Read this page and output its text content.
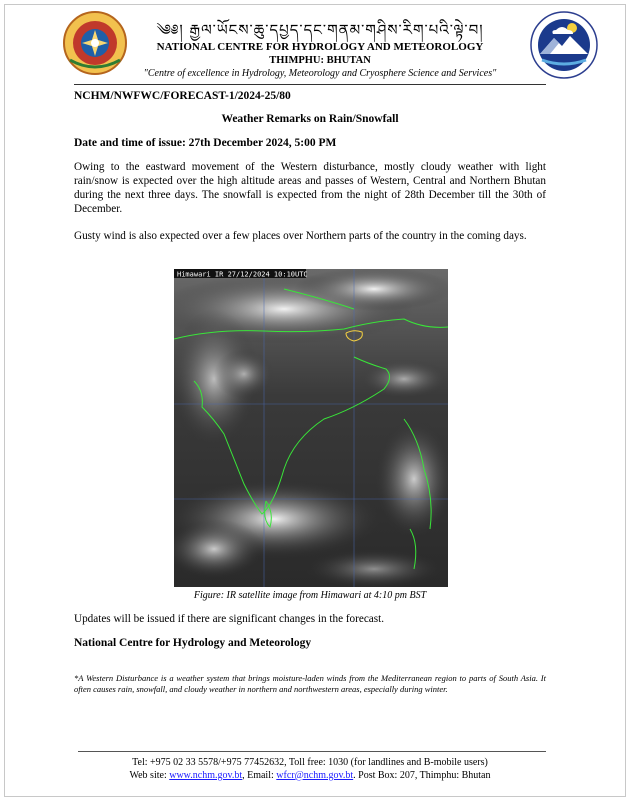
༄༅། རྒྱལ་ཡོངས་ཆུ་དཔྱད་དང་གནམ་གཤིས་རིག་པའི་ལྟེ་བ།
NATIONAL CENTRE FOR HYDROLOGY AND METEOROLOGY
THIMPHU: BHUTAN
"Centre of excellence in Hydrology, Meteorology and Cryosphere Science and Services"
NCHM/NWFWC/FORECAST-1/2024-25/80
Weather Remarks on Rain/Snowfall
Date and time of issue: 27th December 2024, 5:00 PM
Owing to the eastward movement of the Western disturbance, mostly cloudy weather with light rain/snow is expected over the high altitude areas and passes of Western, Central and Northern Bhutan during the next three days. The snowfall is expected from the night of 28th December till the 30th of December.
Gusty wind is also expected over a few places over Northern parts of the country in the coming days.
Himawari IR 27/12/2024 10:10UTC
Figure: IR satellite image from Himawari at 4:10 pm BST
Updates will be issued if there are significant changes in the forecast.
National Centre for Hydrology and Meteorology
*A Western Disturbance is a weather system that brings moisture-laden winds from the Mediterranean region to parts of South Asia. It often causes rain, snowfall, and cloudy weather in northern and northwestern areas, especially during winter.
Tel: +975 02 33 5578/+975 77452632, Toll free: 1030 (for landlines and B-mobile users)
Web site: www.nchm.gov.bt, Email: wfcr@nchm.gov.bt. Post Box: 207, Thimphu: Bhutan
